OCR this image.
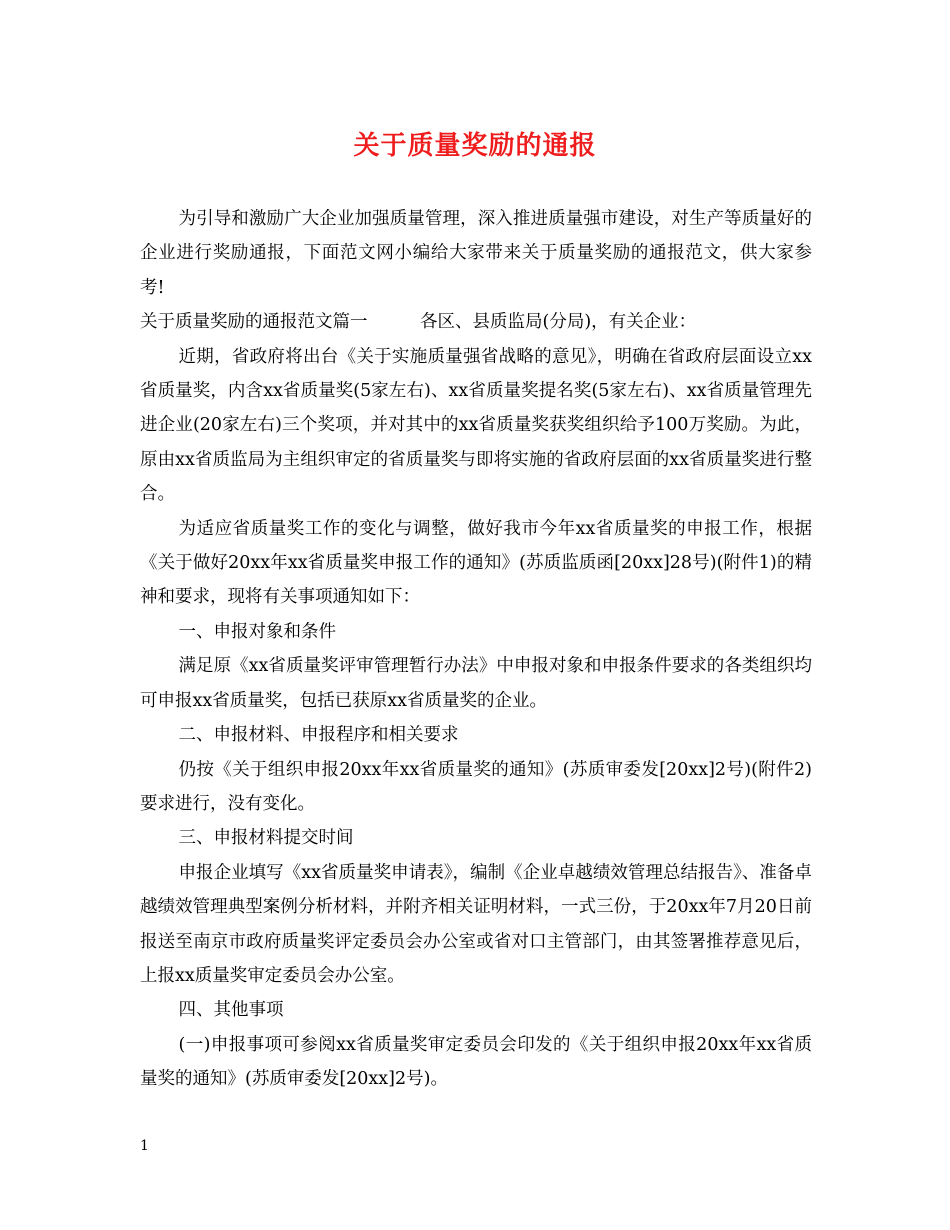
关于质量奖励的通报

为引导和激励广大企业加强质量管理，深入推进质量强市建设，对生产等质量好的企业进行奖励通报，下面范文网小编给大家带来关于质量奖励的通报范文，供大家参考!

关于质量奖励的通报范文篇一　　　各区、县质监局(分局)，有关企业：

近期，省政府将出台《关于实施质量强省战略的意见》，明确在省政府层面设立xx省质量奖，内含xx省质量奖(5家左右)、xx省质量奖提名奖(5家左右)、xx省质量管理先进企业(20家左右)三个奖项，并对其中的xx省质量奖获奖组织给予100万奖励。为此，原由xx省质监局为主组织审定的省质量奖与即将实施的省政府层面的xx省质量奖进行整合。

为适应省质量奖工作的变化与调整，做好我市今年xx省质量奖的申报工作，根据《关于做好20xx年xx省质量奖申报工作的通知》(苏质监质函[20xx]28号)(附件1)的精神和要求，现将有关事项通知如下：

一、申报对象和条件

满足原《xx省质量奖评审管理暂行办法》中申报对象和申报条件要求的各类组织均可申报xx省质量奖，包括已获原xx省质量奖的企业。

二、申报材料、申报程序和相关要求

仍按《关于组织申报20xx年xx省质量奖的通知》(苏质审委发[20xx]2号)(附件2)要求进行，没有变化。

三、申报材料提交时间

申报企业填写《xx省质量奖申请表》，编制《企业卓越绩效管理总结报告》、准备卓越绩效管理典型案例分析材料，并附齐相关证明材料，一式三份，于20xx年7月20日前报送至南京市政府质量奖评定委员会办公室或省对口主管部门，由其签署推荐意见后，上报xx质量奖审定委员会办公室。

四、其他事项

(一)申报事项可参阅xx省质量奖审定委员会印发的《关于组织申报20xx年xx省质量奖的通知》(苏质审委发[20xx]2号)。

1
